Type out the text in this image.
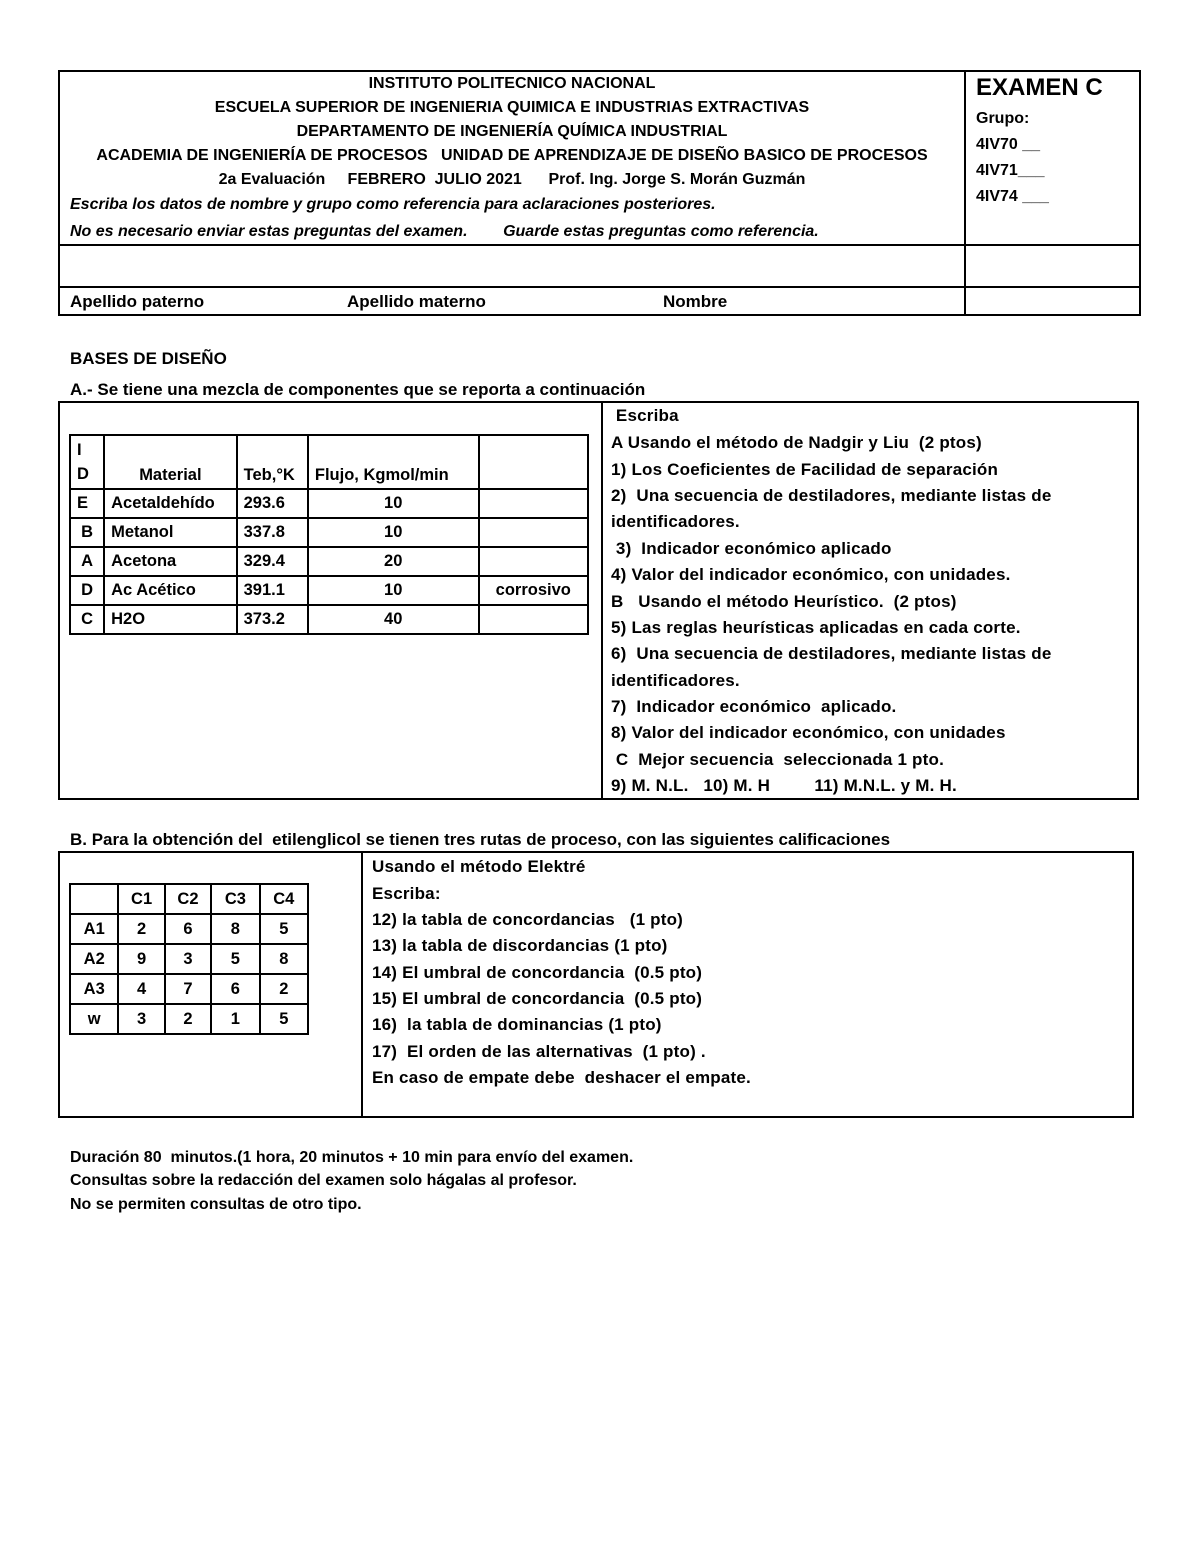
INSTITUTO POLITECNICO NACIONAL
ESCUELA SUPERIOR DE INGENIERIA QUIMICA E INDUSTRIAS EXTRACTIVAS
DEPARTAMENTO DE INGENIERÍA QUÍMICA INDUSTRIAL
ACADEMIA DE INGENIERÍA DE PROCESOS   UNIDAD DE APRENDIZAJE DE DISEÑO BASICO DE PROCESOS
2a Evaluación     FEBRERO  JULIO 2021      Prof. Ing. Jorge S. Morán Guzmán
Escriba los datos de nombre y grupo como referencia para aclaraciones posteriores.
No es necesario enviar estas preguntas del examen.        Guarde estas preguntas como referencia.
EXAMEN C
Grupo:
4IV70 __
4IV71___
4IV74 ___
Apellido paterno	Apellido materno	Nombre
BASES DE DISEÑO
A.- Se tiene una mezcla de componentes que se reporta a continuación
I
D	Material	Teb,°K	Flujo, Kgmol/min	
E	Acetaldehído	293.6	10	
B	Metanol	337.8	10	
A	Acetona	329.4	20	
D	Ac Acético	391.1	10	corrosivo
C	H2O	373.2	40	
Escriba
A Usando el método de Nadgir y Liu  (2 ptos)
1) Los Coeficientes de Facilidad de separación
2)  Una secuencia de destiladores, mediante listas de
identificadores.
3)  Indicador económico aplicado
4) Valor del indicador económico, con unidades.
B   Usando el método Heurístico.  (2 ptos)
5) Las reglas heurísticas aplicadas en cada corte.
6)  Una secuencia de destiladores, mediante listas de
identificadores.
7)  Indicador económico  aplicado.
8) Valor del indicador económico, con unidades
C  Mejor secuencia  seleccionada 1 pto.
9) M. N.L.   10) M. H         11) M.N.L. y M. H.
B. Para la obtención del  etilenglicol se tienen tres rutas de proceso, con las siguientes calificaciones
	C1	C2	C3	C4
A1	2	6	8	5
A2	9	3	5	8
A3	4	7	6	2
w	3	2	1	5
Usando el método Elektré
Escriba:
12) la tabla de concordancias   (1 pto)
13) la tabla de discordancias (1 pto)
14) El umbral de concordancia  (0.5 pto)
15) El umbral de concordancia  (0.5 pto)
16)  la tabla de dominancias (1 pto)
17)  El orden de las alternativas  (1 pto) .
En caso de empate debe  deshacer el empate.
Duración 80  minutos.(1 hora, 20 minutos + 10 min para envío del examen.
Consultas sobre la redacción del examen solo hágalas al profesor.
No se permiten consultas de otro tipo.
